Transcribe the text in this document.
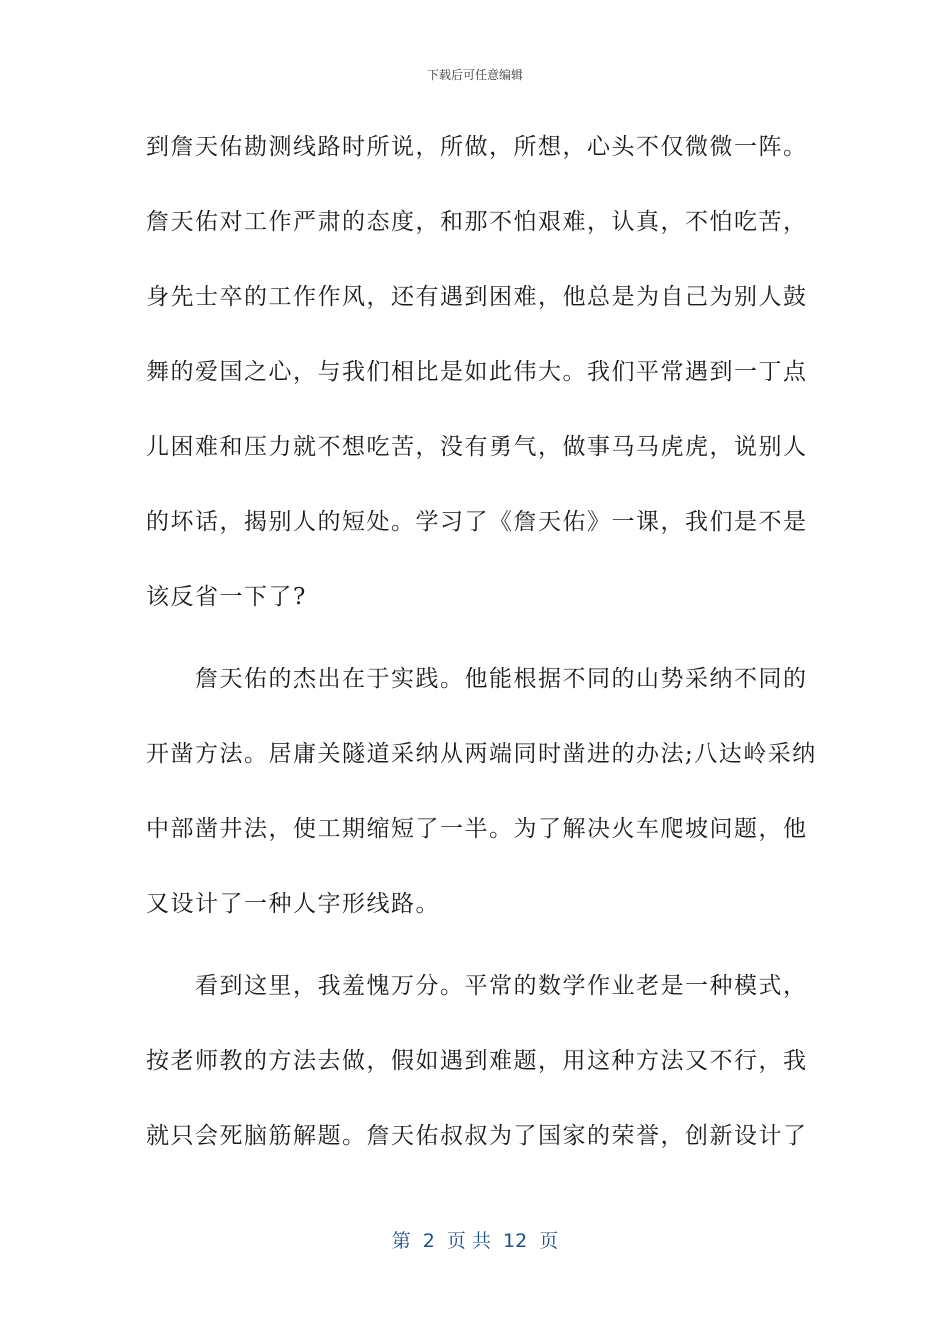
下载后可任意编辑
到詹天佑勘测线路时所说，所做，所想，心头不仅微微一阵。
詹天佑对工作严肃的态度，和那不怕艰难，认真，不怕吃苦，
身先士卒的工作作风，还有遇到困难，他总是为自己为别人鼓
舞的爱国之心，与我们相比是如此伟大。我们平常遇到一丁点
儿困难和压力就不想吃苦，没有勇气，做事马马虎虎，说别人
的坏话，揭别人的短处。学习了《詹天佑》一课，我们是不是
该反省一下了?
　　詹天佑的杰出在于实践。他能根据不同的山势采纳不同的
开凿方法。居庸关隧道采纳从两端同时凿进的办法;八达岭采纳
中部凿井法，使工期缩短了一半。为了解决火车爬坡问题，他
又设计了一种人字形线路。
　　看到这里，我羞愧万分。平常的数学作业老是一种模式，
按老师教的方法去做，假如遇到难题，用这种方法又不行，我
就只会死脑筋解题。詹天佑叔叔为了国家的荣誉，创新设计了
第  2  页 共  12  页
